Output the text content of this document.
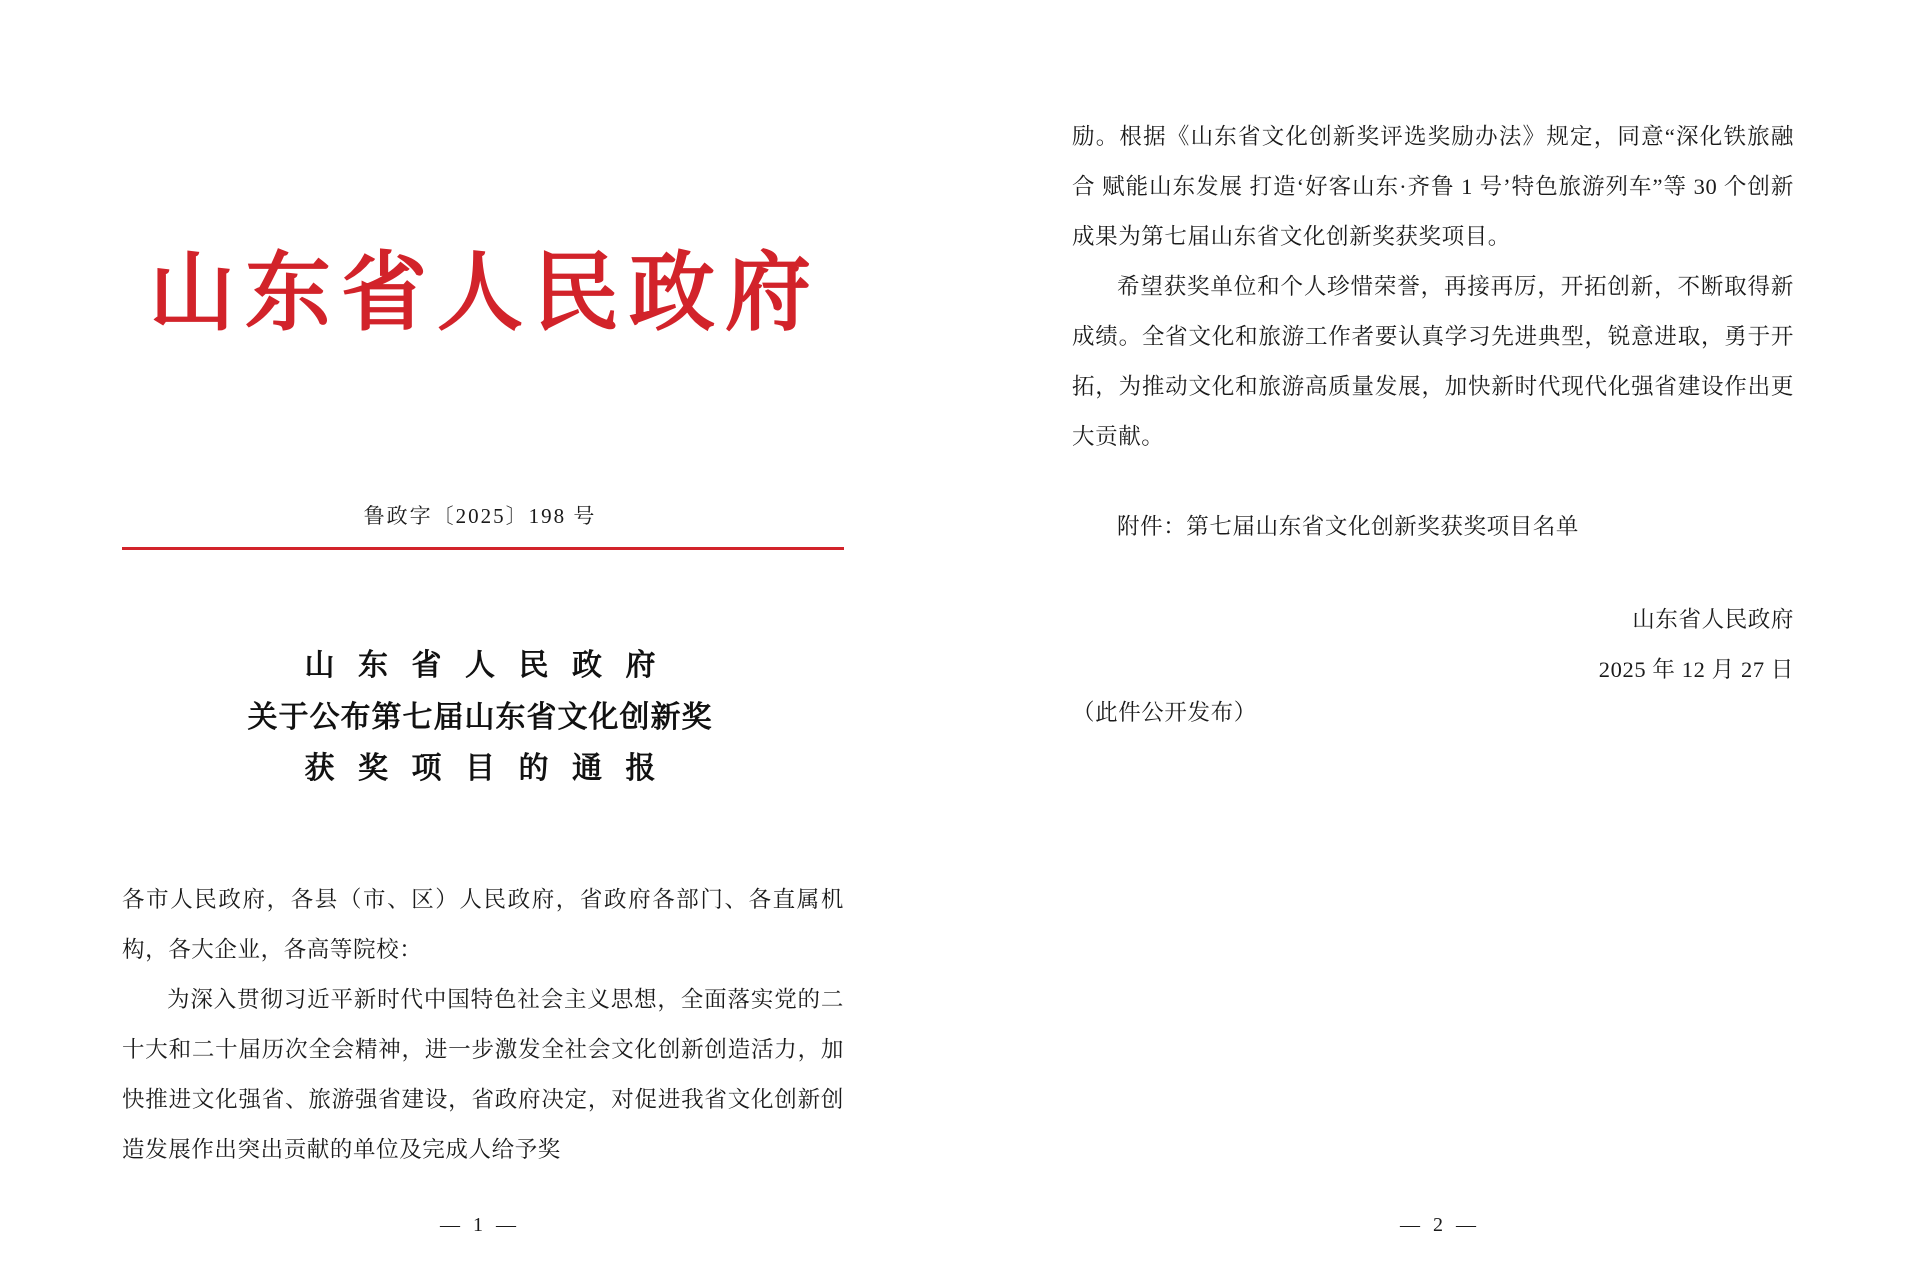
山东省人民政府
鲁政字〔2025〕198 号
山 东 省 人 民 政 府
关于公布第七届山东省文化创新奖
获 奖 项 目 的 通 报

各市人民政府，各县（市、区）人民政府，省政府各部门、各直属机构，各大企业，各高等院校：

为深入贯彻习近平新时代中国特色社会主义思想，全面落实党的二十大和二十届历次全会精神，进一步激发全社会文化创新创造活力，加快推进文化强省、旅游强省建设，省政府决定，对促进我省文化创新创造发展作出突出贡献的单位及完成人给予奖

— 1 —

励。根据《山东省文化创新奖评选奖励办法》规定，同意“深化铁旅融合 赋能山东发展 打造‘好客山东·齐鲁 1 号’特色旅游列车”等 30 个创新成果为第七届山东省文化创新奖获奖项目。

希望获奖单位和个人珍惜荣誉，再接再厉，开拓创新，不断取得新成绩。全省文化和旅游工作者要认真学习先进典型，锐意进取，勇于开拓，为推动文化和旅游高质量发展，加快新时代现代化强省建设作出更大贡献。

附件：第七届山东省文化创新奖获奖项目名单

山东省人民政府
2025 年 12 月 27 日
（此件公开发布）
— 2 —
